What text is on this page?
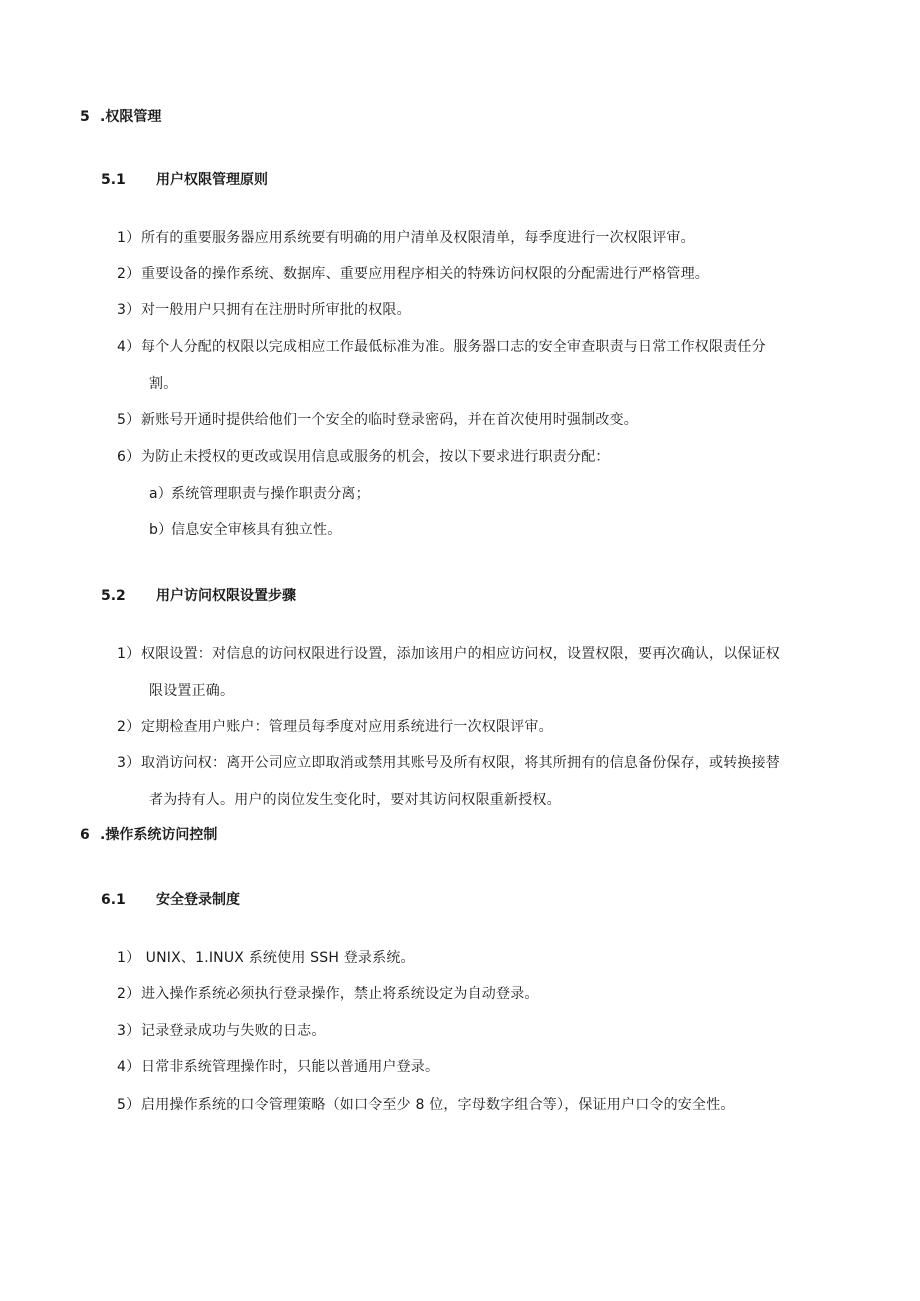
5 .权限管理
5.1 用户权限管理原则
1）所有的重要服务器应用系统要有明确的用户清单及权限清单，每季度进行一次权限评审。
2）重要设备的操作系统、数据库、重要应用程序相关的特殊访问权限的分配需进行严格管理。
3）对一般用户只拥有在注册时所审批的权限。
4）每个人分配的权限以完成相应工作最低标准为准。服务器口志的安全审查职责与日常工作权限责任分
割。
5）新账号开通时提供给他们一个安全的临时登录密码，并在首次使用时强制改变。
6）为防止未授权的更改或误用信息或服务的机会，按以下要求进行职责分配：
a）系统管理职责与操作职责分离；
b）信息安全审核具有独立性。
5.2 用户访问权限设置步骤
1）权限设置：对信息的访问权限进行设置，添加该用户的相应访问权，设置权限，要再次确认，以保证权
限设置正确。
2）定期检查用户账户：管理员每季度对应用系统进行一次权限评审。
3）取消访问权：离开公司应立即取消或禁用其账号及所有权限，将其所拥有的信息备份保存，或转换接替
者为持有人。用户的岗位发生变化时，要对其访问权限重新授权。
6 .操作系统访问控制
6.1 安全登录制度
1） UNIX、1.INUX 系统使用 SSH 登录系统。
2）进入操作系统必须执行登录操作，禁止将系统设定为自动登录。
3）记录登录成功与失败的日志。
4）日常非系统管理操作时，只能以普通用户登录。
5）启用操作系统的口令管理策略（如口令至少 8 位，字母数字组合等），保证用户口令的安全性。
